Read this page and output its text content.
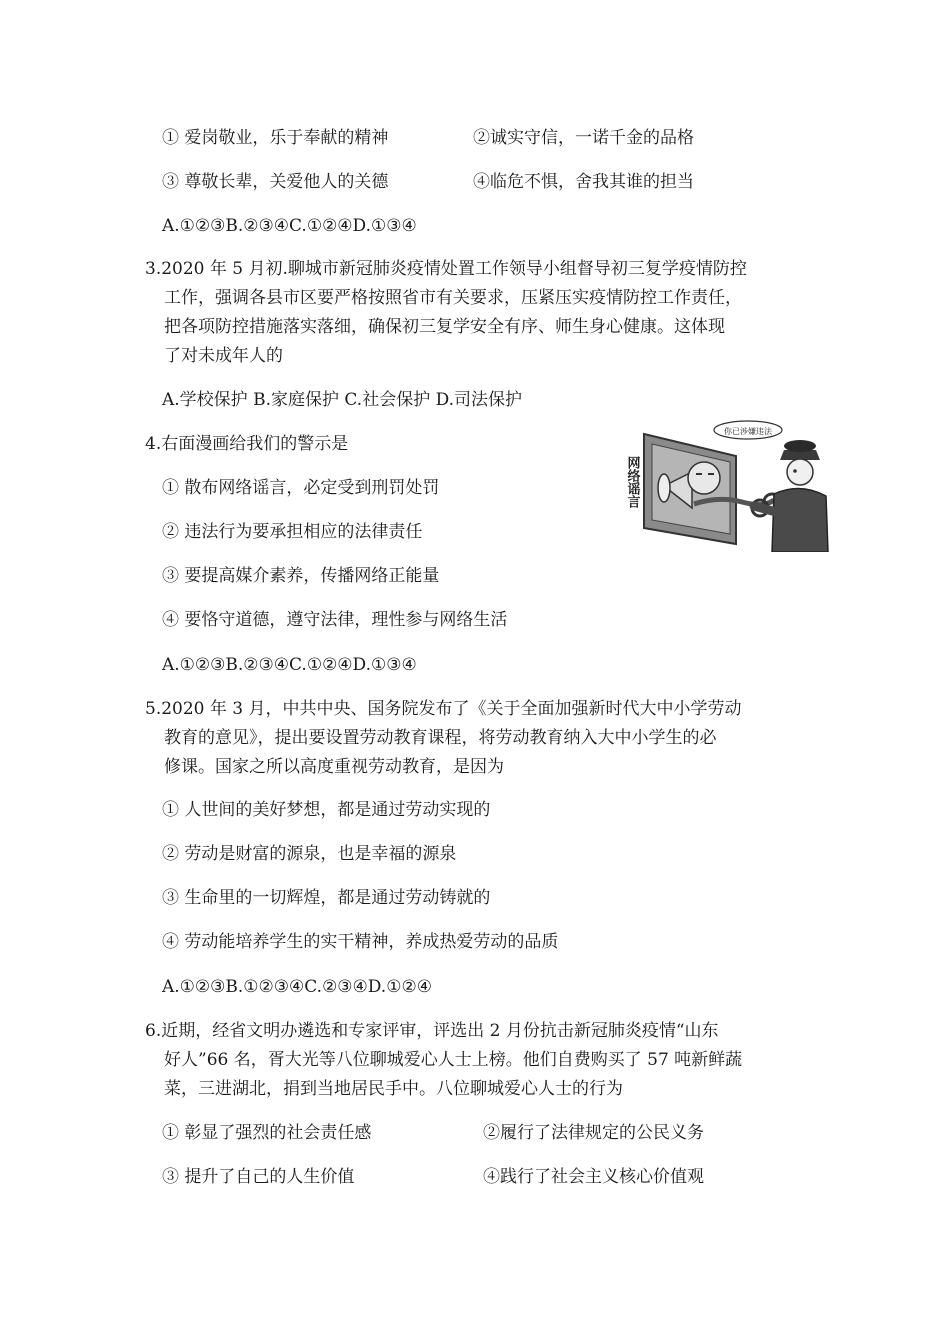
① 爱岗敬业，乐于奉献的精神	②诚实守信，一诺千金的品格
③ 尊敬长辈，关爱他人的关德	④临危不惧，舍我其谁的担当
A.①②③B.②③④C.①②④D.①③④
3.2020 年 5 月初.聊城市新冠肺炎疫情处置工作领导小组督导初三复学疫情防控
工作，强调各县市区要严格按照省市有关要求，压紧压实疫情防控工作责任，
把各项防控措施落实落细，确保初三复学安全有序、师生身心健康。这体现
了对未成年人的
A.学校保护 B.家庭保护 C.社会保护 D.司法保护
4.右面漫画给我们的警示是
① 散布网络谣言，必定受到刑罚处罚
② 违法行为要承担相应的法律责任
③ 要提高媒介素养，传播网络正能量
④ 要恪守道德，遵守法律，理性参与网络生活
A.①②③B.②③④C.①②④D.①③④
你已涉嫌违法
网络谣言
5.2020 年 3 月，中共中央、国务院发布了《关于全面加强新时代大中小学劳动
教育的意见》，提出要设置劳动教育课程，将劳动教育纳入大中小学生的必
修课。国家之所以高度重视劳动教育，是因为
① 人世间的美好梦想，都是通过劳动实现的
② 劳动是财富的源泉，也是幸福的源泉
③ 生命里的一切辉煌，都是通过劳动铸就的
④ 劳动能培养学生的实干精神，养成热爱劳动的品质
A.①②③B.①②③④C.②③④D.①②④
6.近期，经省文明办遴选和专家评审，评选出 2 月份抗击新冠肺炎疫情“山东
好人”66 名，胥大光等八位聊城爱心人士上榜。他们自费购买了 57 吨新鲜蔬
菜，三进湖北，捐到当地居民手中。八位聊城爱心人士的行为
① 彰显了强烈的社会责任感	②履行了法律规定的公民义务
③ 提升了自己的人生价值	④践行了社会主义核心价值观
